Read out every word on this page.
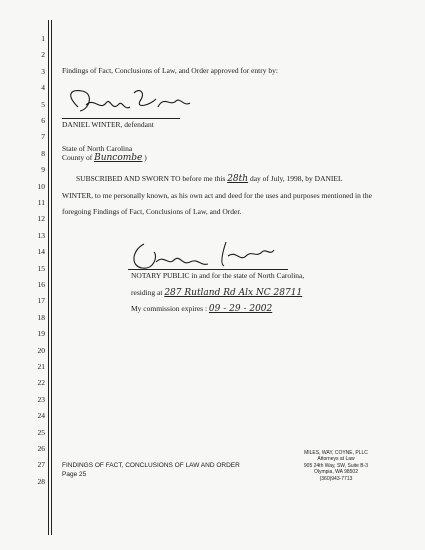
1
2
3
4
5
6
7
8
9
10
11
12
13
14
15
16
17
18
19
20
21
22
23
24
25
26
27
28
Findings of Fact, Conclusions of Law, and Order approved for entry by:
DANIEL WINTER, defendant
State of North Carolina
County of Buncombe )
SUBSCRIBED AND SWORN TO before me this 28th day of July, 1998, by DANIEL
WINTER, to me personally known, as his own act and deed for the uses and purposes mentioned in the
foregoing Findings of Fact, Conclusions of Law, and Order.
NOTARY PUBLIC in and for the state of North Carolina,
residing at 287 Rutland Rd Alx NC 28711
My commission expires : 09 - 29 - 2002
FINDINGS OF FACT, CONCLUSIONS OF LAW AND ORDER
Page 25
MILES, WAY, COYNE, PLLC
Attorneys at Law
905 24th Way, SW, Suite B-3
Olympia, WA 98502
(360)943-7713
